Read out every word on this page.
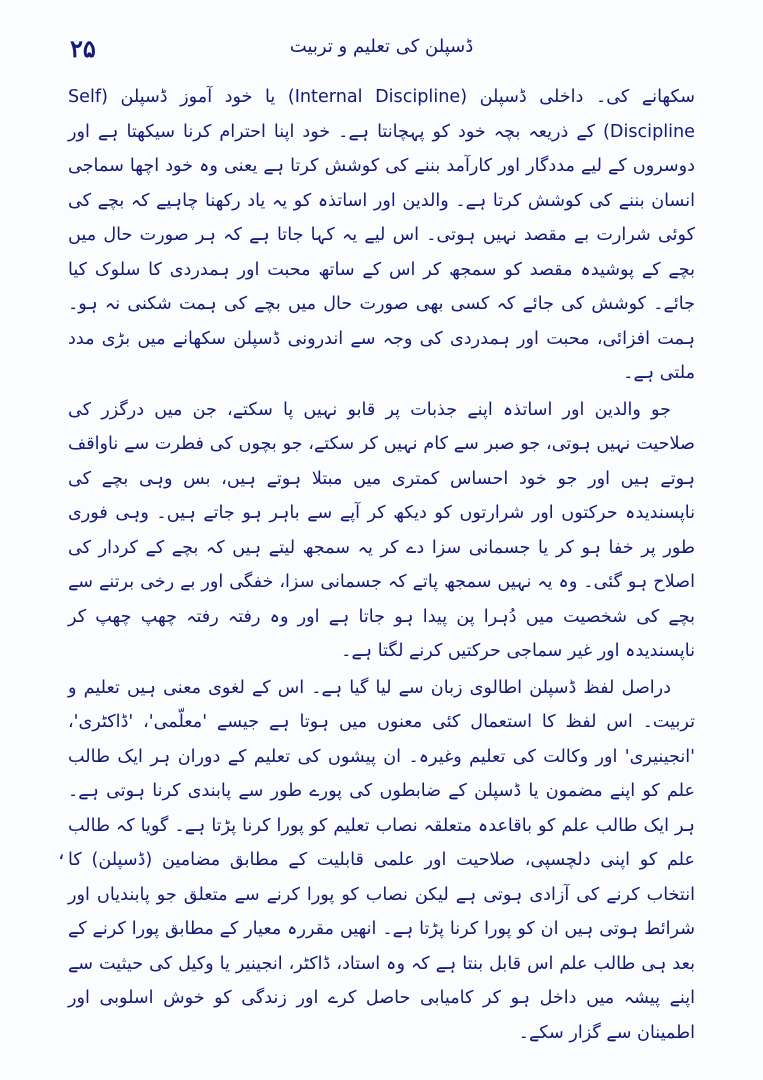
۲۵	ڈسپلن کی تعلیم و تربیت

سکھانے کی۔ داخلی ڈسپلن (Internal Discipline) یا خود آموز ڈسپلن (Self Discipline) کے ذریعہ بچہ خود کو پہچانتا ہے۔ خود اپنا احترام کرنا سیکھتا ہے اور دوسروں کے لیے مددگار اور کارآمد بننے کی کوشش کرتا ہے یعنی وہ خود اچھا سماجی انسان بننے کی کوشش کرتا ہے۔ والدین اور اساتذہ کو یہ یاد رکھنا چاہیے کہ بچے کی کوئی شرارت بے مقصد نہیں ہوتی۔ اس لیے یہ کہا جاتا ہے کہ ہر صورت حال میں بچے کے پوشیدہ مقصد کو سمجھ کر اس کے ساتھ محبت اور ہمدردی کا سلوک کیا جائے۔ کوشش کی جائے کہ کسی بھی صورت حال میں بچے کی ہمت شکنی نہ ہو۔ ہمت افزائی، محبت اور ہمدردی کی وجہ سے اندرونی ڈسپلن سکھانے میں بڑی مدد ملتی ہے۔

جو والدین اور اساتذہ اپنے جذبات پر قابو نہیں پا سکتے، جن میں درگزر کی صلاحیت نہیں ہوتی، جو صبر سے کام نہیں کر سکتے، جو بچوں کی فطرت سے ناواقف ہوتے ہیں اور جو خود احساس کمتری میں مبتلا ہوتے ہیں، بس وہی بچے کی ناپسندیدہ حرکتوں اور شرارتوں کو دیکھ کر آپے سے باہر ہو جاتے ہیں۔ وہی فوری طور پر خفا ہو کر یا جسمانی سزا دے کر یہ سمجھ لیتے ہیں کہ بچے کے کردار کی اصلاح ہو گئی۔ وہ یہ نہیں سمجھ پاتے کہ جسمانی سزا، خفگی اور بے رخی برتنے سے بچے کی شخصیت میں دُہرا پن پیدا ہو جاتا ہے اور وہ رفتہ رفتہ چھپ چھپ کر ناپسندیدہ اور غیر سماجی حرکتیں کرنے لگتا ہے۔

دراصل لفظ ڈسپلن اطالوی زبان سے لیا گیا ہے۔ اس کے لغوی معنی ہیں تعلیم و تربیت۔ اس لفظ کا استعمال کئی معنوں میں ہوتا ہے جیسے 'معلّمی'، 'ڈاکٹری'، 'انجینیری' اور وکالت کی تعلیم وغیرہ۔ ان پیشوں کی تعلیم کے دوران ہر ایک طالب علم کو اپنے مضمون یا ڈسپلن کے ضابطوں کی پورے طور سے پابندی کرنا ہوتی ہے۔ ہر ایک طالب علم کو باقاعدہ متعلقہ نصاب تعلیم کو پورا کرنا پڑتا ہے۔ گویا کہ طالب علم کو اپنی دلچسپی، صلاحیت اور علمی قابلیت کے مطابق مضامین (ڈسپلن) کا انتخاب کرنے کی آزادی ہوتی ہے لیکن نصاب کو پورا کرنے سے متعلق جو پابندیاں اور شرائط ہوتی ہیں ان کو پورا کرنا پڑتا ہے۔ انھیں مقررہ معیار کے مطابق پورا کرنے کے بعد ہی طالب علم اس قابل بنتا ہے کہ وہ استاد، ڈاکٹر، انجینیر یا وکیل کی حیثیت سے اپنے پیشہ میں داخل ہو کر کامیابی حاصل کرے اور زندگی کو خوش اسلوبی اور اطمینان سے گزار سکے۔

،
